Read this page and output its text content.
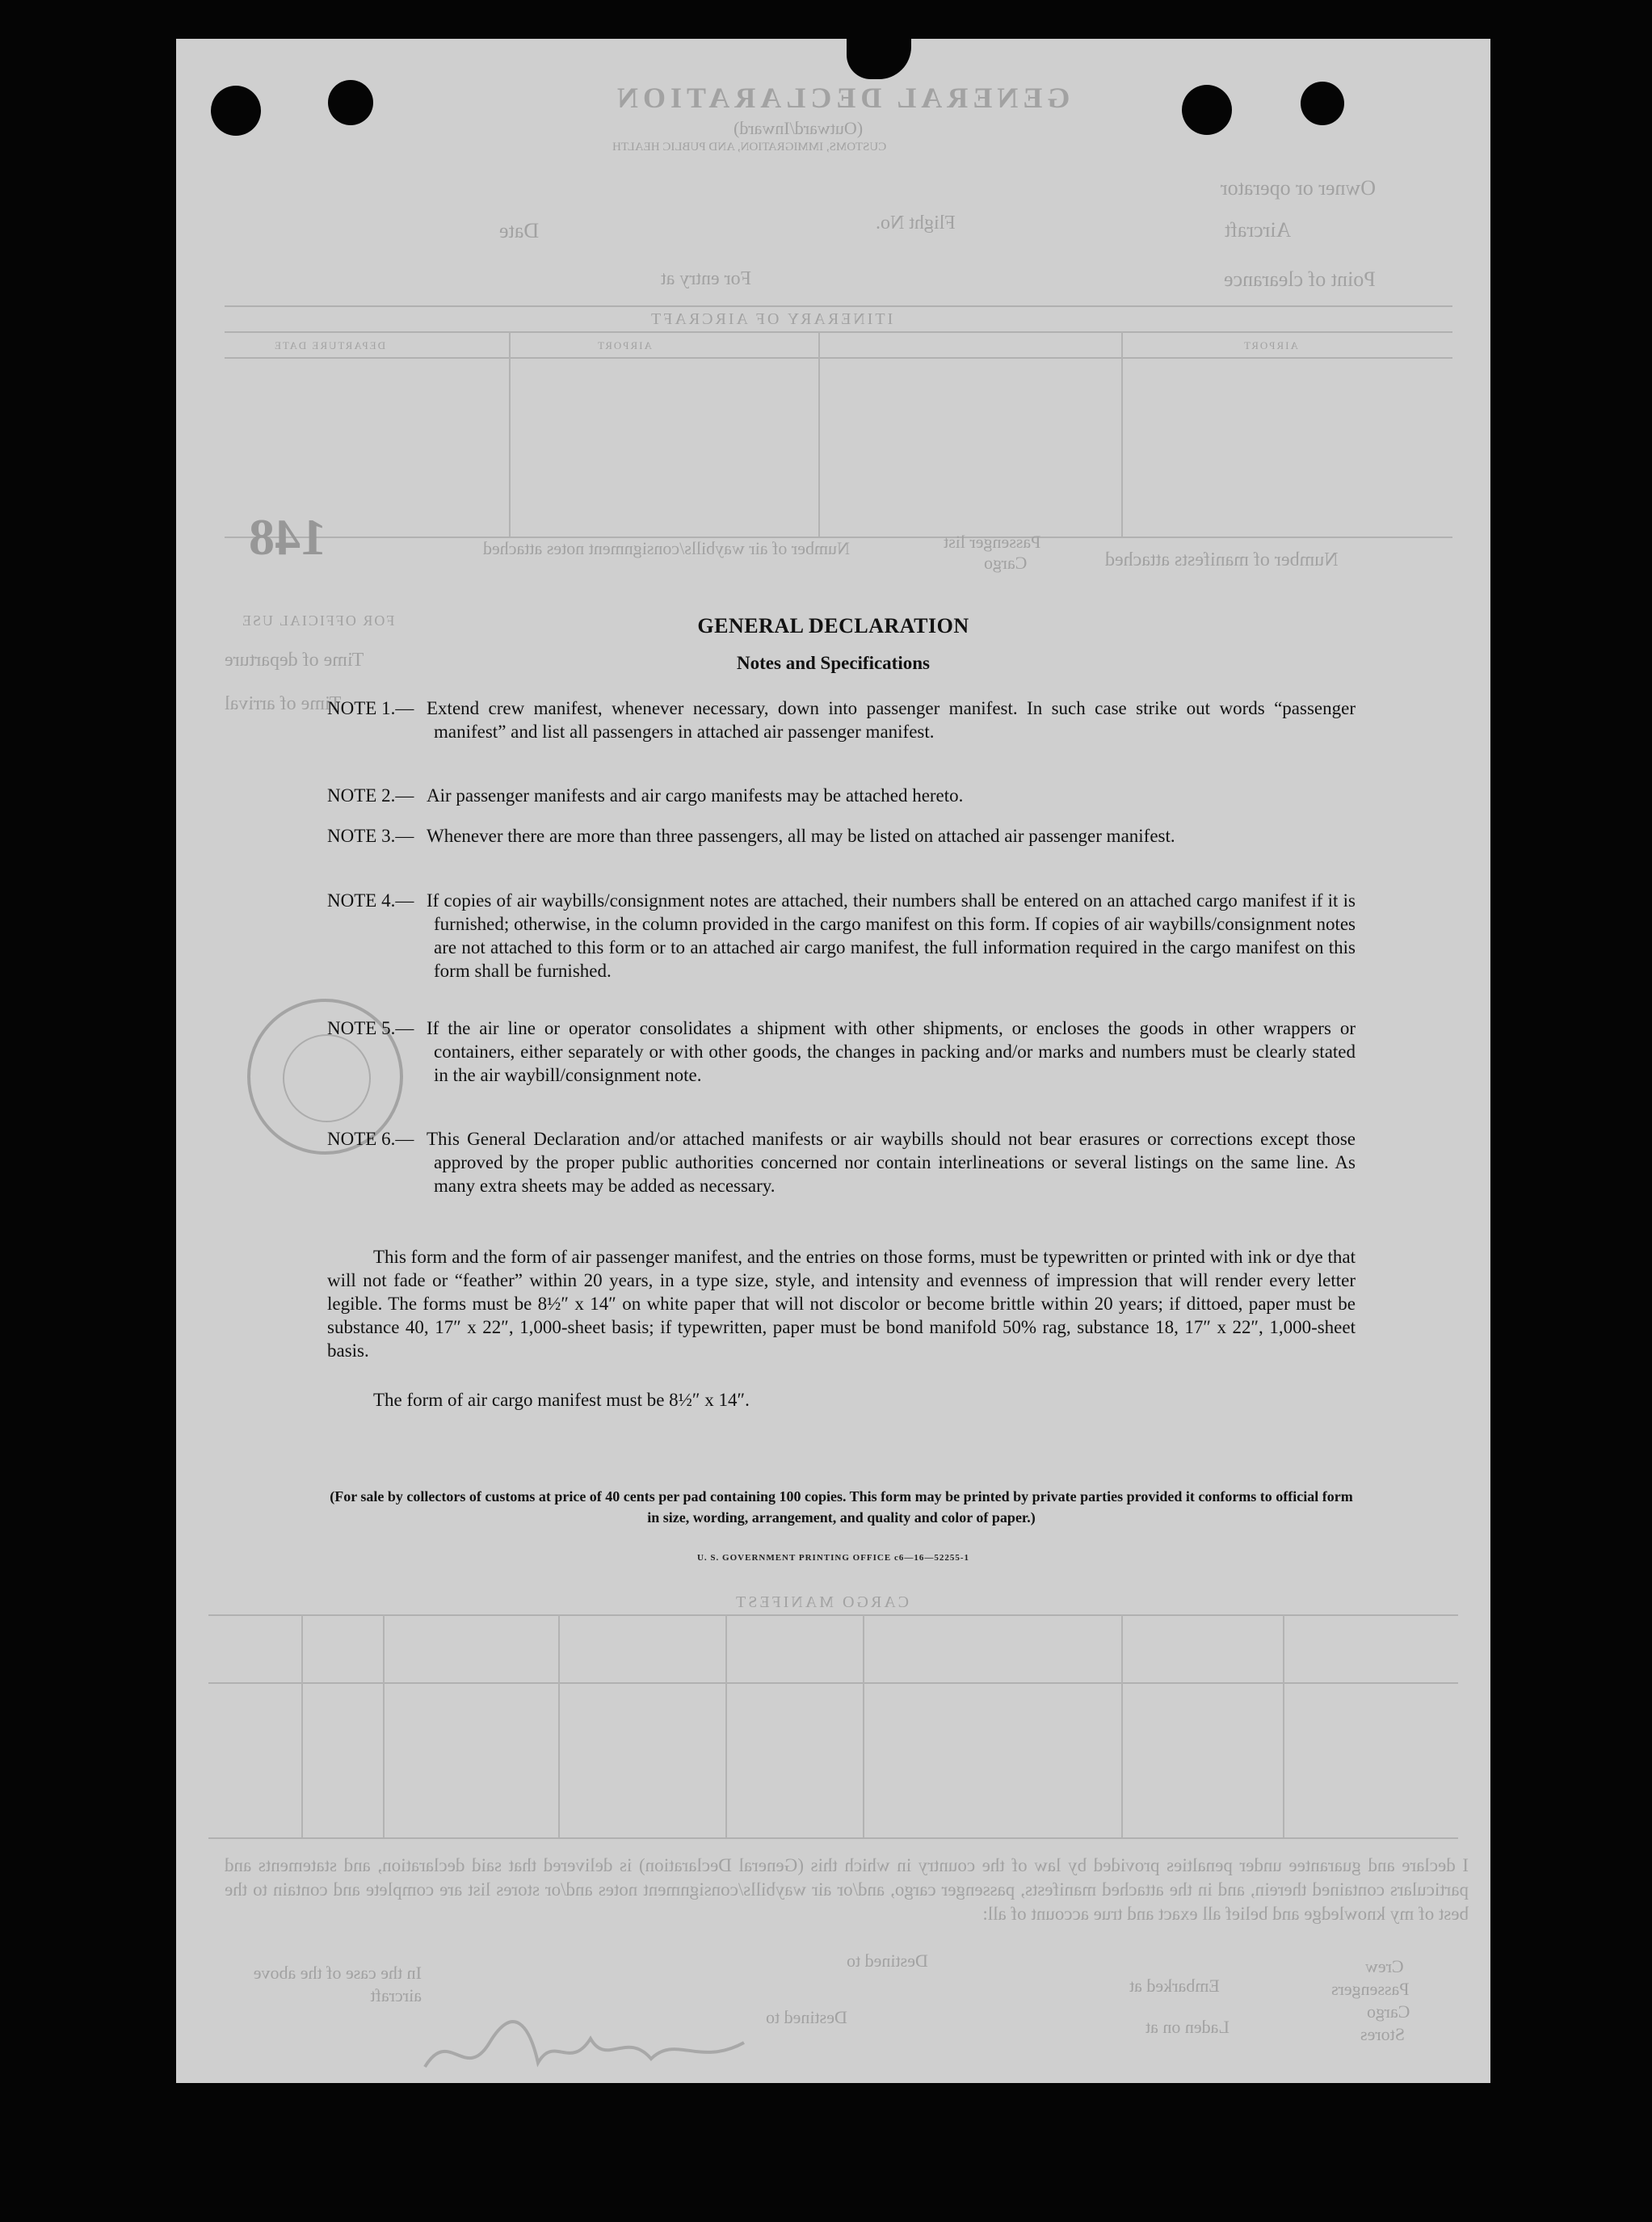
GENERAL DECLARATION
(Outward/Inward)
CUSTOMS, IMMIGRATION, AND PUBLIC HEALTH
Owner or operator
Aircraft
Flight No.
Date
Point of clearance
For entry at
ITINERARY OF AIRCRAFT
DEPARTURE DATE	AIRPORT	AIRPORT
148	Number of manifests attached
Number of air waybills/consignment notes attached	Passenger list
Cargo
FOR OFFICIAL USE
Time of departure
Time of arrival
CARGO MANIFEST
I declare and guarantee under penalties provided by law of the country in which this (General Declaration) is delivered that said declaration, and statements and particulars contained therein, and in the attached manifests, passenger cargo, and/or air waybills/consignment notes and/or stores list are complete and contain to the best of my knowledge and belief all exact and true account of all:
Crew
Passengers
Cargo
Stores
Embarked at
Destined to
Destined to	Laden on at
In the case of the above aircraft
GENERAL DECLARATION
Notes and Specifications
NOTE 1.— Extend crew manifest, whenever necessary, down into passenger manifest. In such case strike out words “passenger manifest” and list all passengers in attached air passenger manifest.
NOTE 2.— Air passenger manifests and air cargo manifests may be attached hereto.
NOTE 3.— Whenever there are more than three passengers, all may be listed on attached air passenger manifest.
NOTE 4.— If copies of air waybills/consignment notes are attached, their numbers shall be entered on an attached cargo manifest if it is furnished; otherwise, in the column provided in the cargo manifest on this form. If copies of air waybills/consignment notes are not attached to this form or to an attached air cargo manifest, the full information required in the cargo manifest on this form shall be furnished.
NOTE 5.— If the air line or operator consolidates a shipment with other shipments, or encloses the goods in other wrappers or containers, either separately or with other goods, the changes in packing and/or marks and numbers must be clearly stated in the air waybill/consignment note.
NOTE 6.— This General Declaration and/or attached manifests or air waybills should not bear erasures or corrections except those approved by the proper public authorities concerned nor contain interlineations or several listings on the same line. As many extra sheets may be added as necessary.
This form and the form of air passenger manifest, and the entries on those forms, must be typewritten or printed with ink or dye that will not fade or “feather” within 20 years, in a type size, style, and intensity and evenness of impression that will render every letter legible. The forms must be 8½″ x 14″ on white paper that will not discolor or become brittle within 20 years; if dittoed, paper must be substance 40, 17″ x 22″, 1,000-sheet basis; if typewritten, paper must be bond manifold 50% rag, substance 18, 17″ x 22″, 1,000-sheet basis.
The form of air cargo manifest must be 8½″ x 14″.
(For sale by collectors of customs at price of 40 cents per pad containing 100 copies. This form may be printed by private parties provided it conforms to official form in size, wording, arrangement, and quality and color of paper.)
U. S. GOVERNMENT PRINTING OFFICE c6—16—52255-1
